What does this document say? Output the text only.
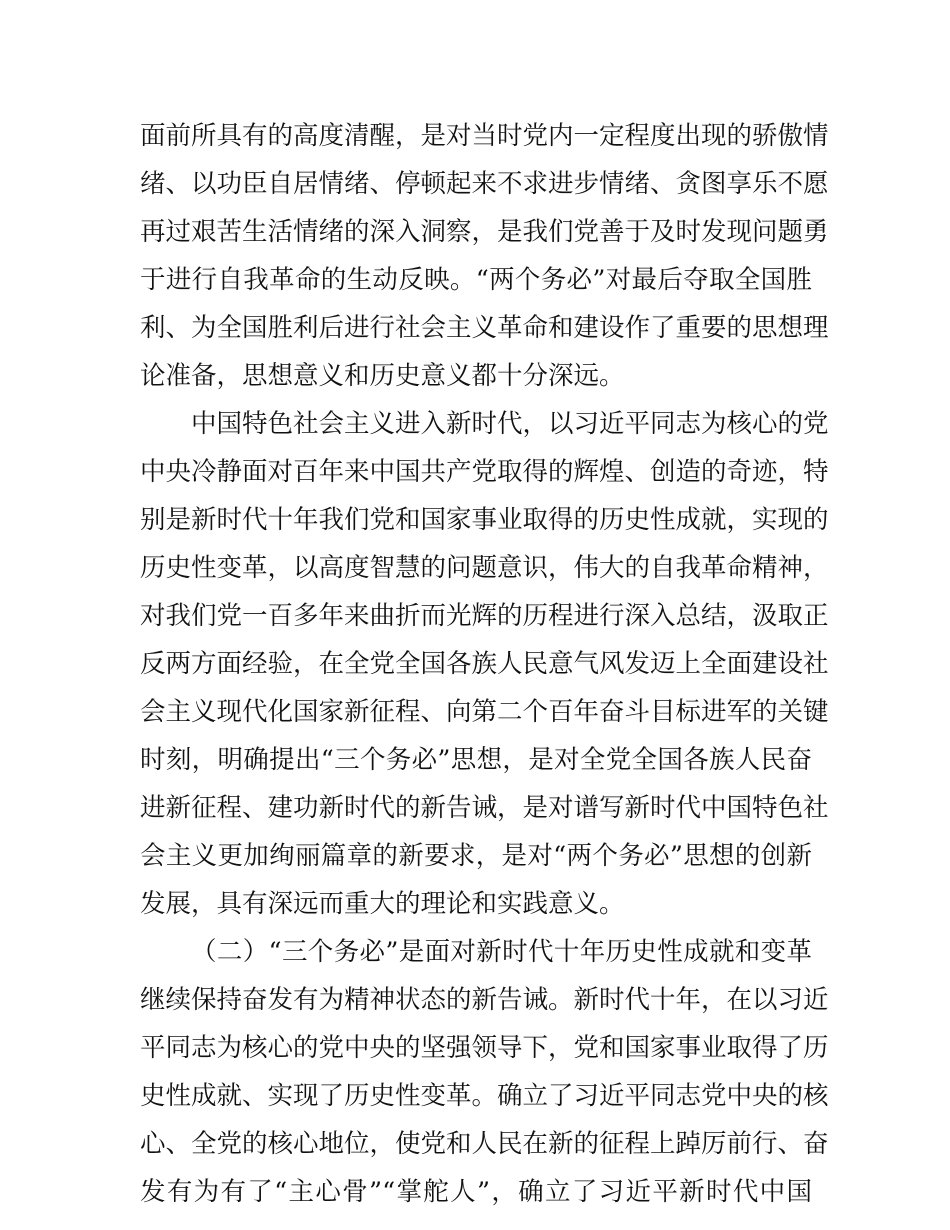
面前所具有的高度清醒，是对当时党内一定程度出现的骄傲情
绪、以功臣自居情绪、停顿起来不求进步情绪、贪图享乐不愿
再过艰苦生活情绪的深入洞察，是我们党善于及时发现问题勇
于进行自我革命的生动反映。“两个务必”对最后夺取全国胜
利、为全国胜利后进行社会主义革命和建设作了重要的思想理
论准备，思想意义和历史意义都十分深远。

中国特色社会主义进入新时代，以习近平同志为核心的党
中央冷静面对百年来中国共产党取得的辉煌、创造的奇迹，特
别是新时代十年我们党和国家事业取得的历史性成就，实现的
历史性变革，以高度智慧的问题意识，伟大的自我革命精神，
对我们党一百多年来曲折而光辉的历程进行深入总结，汲取正
反两方面经验，在全党全国各族人民意气风发迈上全面建设社
会主义现代化国家新征程、向第二个百年奋斗目标进军的关键
时刻，明确提出“三个务必”思想，是对全党全国各族人民奋
进新征程、建功新时代的新告诫，是对谱写新时代中国特色社
会主义更加绚丽篇章的新要求，是对“两个务必”思想的创新
发展，具有深远而重大的理论和实践意义。

（二）“三个务必”是面对新时代十年历史性成就和变革
继续保持奋发有为精神状态的新告诫。新时代十年，在以习近
平同志为核心的党中央的坚强领导下，党和国家事业取得了历
史性成就、实现了历史性变革。确立了习近平同志党中央的核
心、全党的核心地位，使党和人民在新的征程上踔厉前行、奋
发有为有了“主心骨”“掌舵人”，确立了习近平新时代中国
